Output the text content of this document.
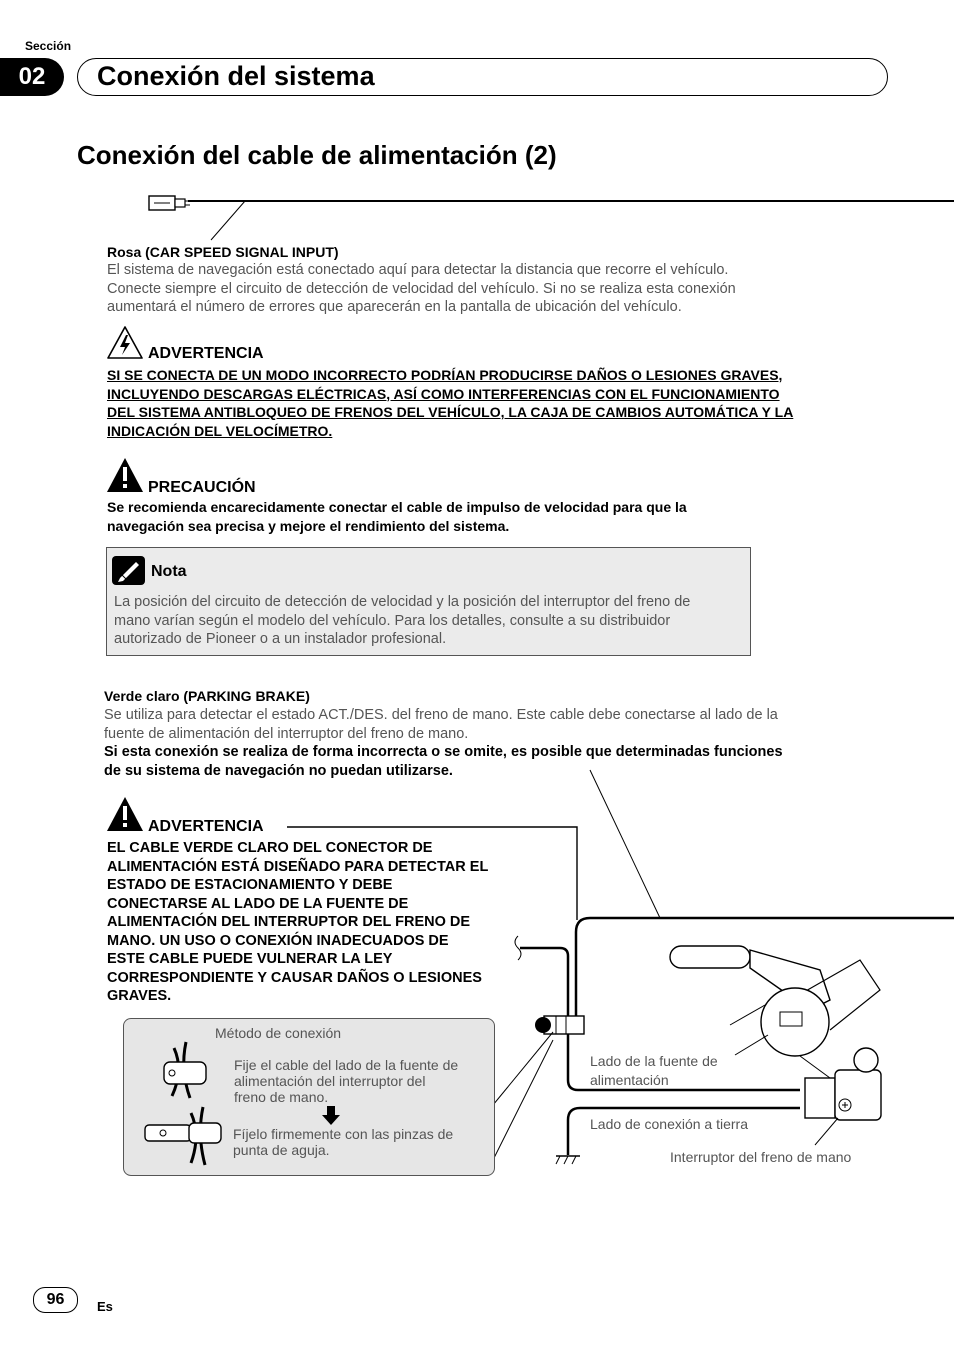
Sección
02	Conexión del sistema
Conexión del cable de alimentación (2)
Rosa (CAR SPEED SIGNAL INPUT)
El sistema de navegación está conectado aquí para detectar la distancia que recorre el vehículo.
Conecte siempre el circuito de detección de velocidad del vehículo. Si no se realiza esta conexión
aumentará el número de errores que aparecerán en la pantalla de ubicación del vehículo.
ADVERTENCIA
SI SE CONECTA DE UN MODO INCORRECTO PODRÍAN PRODUCIRSE DAÑOS O LESIONES GRAVES,
INCLUYENDO DESCARGAS ELÉCTRICAS, ASÍ COMO INTERFERENCIAS CON EL FUNCIONAMIENTO
DEL SISTEMA ANTIBLOQUEO DE FRENOS DEL VEHÍCULO, LA CAJA DE CAMBIOS AUTOMÁTICA Y LA
INDICACIÓN DEL VELOCÍMETRO.
PRECAUCIÓN
Se recomienda encarecidamente conectar el cable de impulso de velocidad para que la
navegación sea precisa y mejore el rendimiento del sistema.
Nota
La posición del circuito de detección de velocidad y la posición del interruptor del freno de
mano varían según el modelo del vehículo. Para los detalles, consulte a su distribuidor
autorizado de Pioneer o a un instalador profesional.
Verde claro (PARKING BRAKE)
Se utiliza para detectar el estado ACT./DES. del freno de mano. Este cable debe conectarse al lado de la
fuente de alimentación del interruptor del freno de mano.
Si esta conexión se realiza de forma incorrecta o se omite, es posible que determinadas funciones
de su sistema de navegación no puedan utilizarse.
ADVERTENCIA
EL CABLE VERDE CLARO DEL CONECTOR DE
ALIMENTACIÓN ESTÁ DISEÑADO PARA DETECTAR EL
ESTADO DE ESTACIONAMIENTO Y DEBE
CONECTARSE AL LADO DE LA FUENTE DE
ALIMENTACIÓN DEL INTERRUPTOR DEL FRENO DE
MANO. UN USO O CONEXIÓN INADECUADOS DE
ESTE CABLE PUEDE VULNERAR LA LEY
CORRESPONDIENTE Y CAUSAR DAÑOS O LESIONES
GRAVES.
Método de conexión
Fije el cable del lado de la fuente de
alimentación del interruptor del
freno de mano.
Fíjelo firmemente con las pinzas de
punta de aguja.
Lado de la fuente de
alimentación
Lado de conexión a tierra
Interruptor del freno de mano
96	Es
